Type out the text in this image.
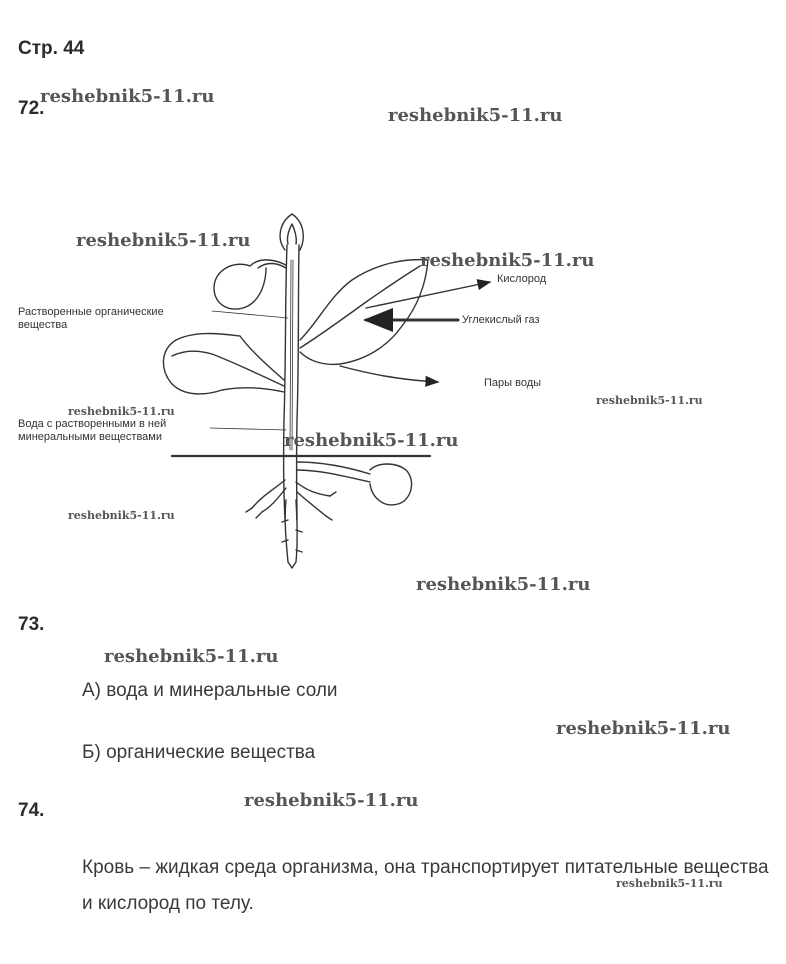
Стр. 44
72.
Кислород
Углекислый газ
Пары воды
Растворенные органические
вещества
Вода с растворенными в ней
минеральными веществами
73.
А) вода и минеральные соли
Б) органические вещества
74.
Кровь – жидкая среда организма, она транспортирует питательные вещества и кислород по телу.
reshebnik5-11.ru
reshebnik5-11.ru
reshebnik5-11.ru
reshebnik5-11.ru
reshebnik5-11.ru
reshebnik5-11.ru
reshebnik5-11.ru
reshebnik5-11.ru
reshebnik5-11.ru
reshebnik5-11.ru
reshebnik5-11.ru
reshebnik5-11.ru
reshebnik5-11.ru
